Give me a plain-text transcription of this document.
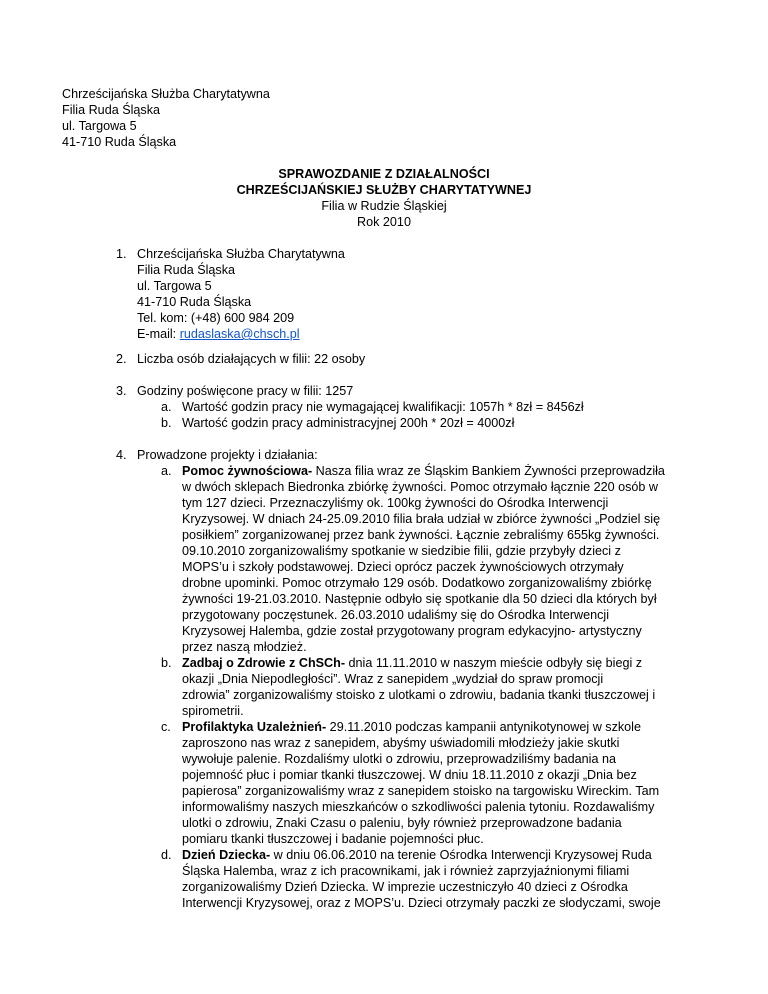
Chrześcijańska Służba Charytatywna
Filia Ruda Śląska
ul. Targowa 5
41-710 Ruda Śląska
SPRAWOZDANIE Z DZIAŁALNOŚCI
CHRZEŚCIJAŃSKIEJ SŁUŻBY CHARYTATYWNEJ
Filia w Rudzie Śląskiej
Rok 2010
1. Chrześcijańska Służba Charytatywna
Filia Ruda Śląska
ul. Targowa 5
41-710 Ruda Śląska
Tel. kom: (+48) 600 984 209
E-mail: rudaslaska@chsch.pl
2. Liczba osób działających w filii: 22 osoby
3. Godziny poświęcone pracy w filii: 1257
a. Wartość godzin pracy nie wymagającej kwalifikacji: 1057h * 8zł = 8456zł
b. Wartość godzin pracy administracyjnej 200h * 20zł = 4000zł
4. Prowadzone projekty i działania:
a. Pomoc żywnościowa- Nasza filia wraz ze Śląskim Bankiem Żywności przeprowadziła
w dwóch sklepach Biedronka zbiórkę żywności. Pomoc otrzymało łącznie 220 osób w
tym 127 dzieci. Przeznaczyliśmy ok. 100kg żywności do Ośrodka Interwencji
Kryzysowej. W dniach 24-25.09.2010 filia brała udział w zbiórce żywności „Podziel się
posiłkiem” zorganizowanej przez bank żywności. Łącznie zebraliśmy 655kg żywności.
09.10.2010 zorganizowaliśmy spotkanie w siedzibie filii, gdzie przybyły dzieci z
MOPS’u i szkoły podstawowej. Dzieci oprócz paczek żywnościowych otrzymały
drobne upominki. Pomoc otrzymało 129 osób. Dodatkowo zorganizowaliśmy zbiórkę
żywności 19-21.03.2010. Następnie odbyło się spotkanie dla 50 dzieci dla których był
przygotowany poczęstunek. 26.03.2010 udaliśmy się do Ośrodka Interwencji
Kryzysowej Halemba, gdzie został przygotowany program edykacyjno- artystyczny
przez naszą młodzież.
b. Zadbaj o Zdrowie z ChSCh- dnia 11.11.2010 w naszym mieście odbyły się biegi z
okazji „Dnia Niepodległości”. Wraz z sanepidem „wydział do spraw promocji
zdrowia” zorganizowaliśmy stoisko z ulotkami o zdrowiu, badania tkanki tłuszczowej i
spirometrii.
c. Profilaktyka Uzależnień- 29.11.2010 podczas kampanii antynikotynowej w szkole
zaproszono nas wraz z sanepidem, abyśmy uświadomili młodzieży jakie skutki
wywołuje palenie. Rozdaliśmy ulotki o zdrowiu, przeprowadziliśmy badania na
pojemność płuc i pomiar tkanki tłuszczowej. W dniu 18.11.2010 z okazji „Dnia bez
papierosa” zorganizowaliśmy wraz z sanepidem stoisko na targowisku Wireckim. Tam
informowaliśmy naszych mieszkańców o szkodliwości palenia tytoniu. Rozdawaliśmy
ulotki o zdrowiu, Znaki Czasu o paleniu, były również przeprowadzone badania
pomiaru tkanki tłuszczowej i badanie pojemności płuc.
d. Dzień Dziecka- w dniu 06.06.2010 na terenie Ośrodka Interwencji Kryzysowej Ruda
Śląska Halemba, wraz z ich pracownikami, jak i również zaprzyjaźnionymi filiami
zorganizowaliśmy Dzień Dziecka. W imprezie uczestniczyło 40 dzieci z Ośrodka
Interwencji Kryzysowej, oraz z MOPS’u. Dzieci otrzymały paczki ze słodyczami, swoje
